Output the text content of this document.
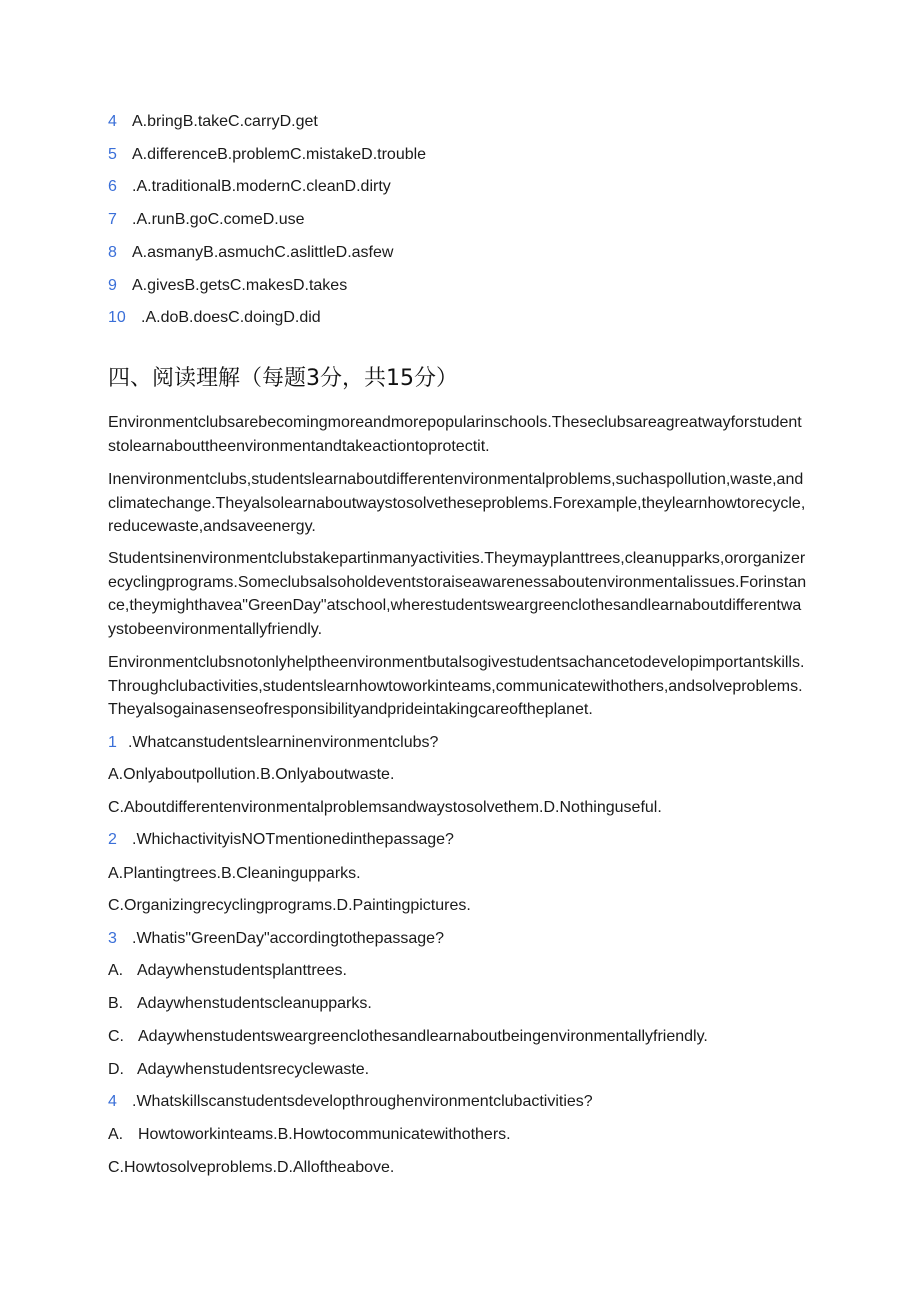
4 A.bringB.takeC.carryD.get
5 A.differenceB.problemC.mistakeD.trouble
6 .A.traditionalB.modernC.cleanD.dirty
7 .A.runB.goC.comeD.use
8 A.asmanyB.asmuchC.aslittleD.asfew
9 A.givesB.getsC.makesD.takes
10 .A.doB.doesC.doingD.did
四、阅读理解（每题3分，共15分）
Environmentclubsarebecomingmoreandmorepopularinschools.Theseclubsareagreatwayforstudentstolearnabouttheenvironmentandtakeactiontoprotectit.
Inenvironmentclubs,studentslearnaboutdifferentenvironmentalproblems,suchaspollution,waste,andclimatechange.Theyalsolearnaboutwaystosolvetheseproblems.Forexample,theylearnhowtorecycle,reducewaste,andsaveenergy.
Studentsinenvironmentclubstakepartinmanyactivities.Theymayplanttrees,cleanupparks,ororganizerecyclingprograms.Someclubsalsoholdeventstoraiseawarenessaboutenvironmentalissues.Forinstance,theymighthavea"GreenDay"atschool,wherestudentsweargreenclothesandlearnaboutdifferentwaystobeenvironmentallyfriendly.
Environmentclubsnotonlyhelptheenvironmentbutalsogivestudentsachancetodevelopimportantskills.Throughclubactivities,studentslearnhowtoworkinteams,communicatewithothers,andsolveproblems.Theyalsogainasenseofresponsibilityandprideintakingcareoftheplanet.
1 .Whatcanstudentslearninenvironmentclubs?
A.Onlyaboutpollution.B.Onlyaboutwaste.
C.Aboutdifferentenvironmentalproblemsandwaystosolvethem.D.Nothinguseful.
2 .WhichactivityisNOTmentionedinthepassage?
A.Plantingtrees.B.Cleaningupparks.
C.Organizingrecyclingprograms.D.Paintingpictures.
3 .Whatis"GreenDay"accordingtothepassage?
A. Adaywhenstudentsplanttrees.
B. Adaywhenstudentscleanupparks.
C. Adaywhenstudentsweargreenclothesandlearnaboutbeingenvironmentallyfriendly.
D. Adaywhenstudentsrecyclewaste.
4 .Whatskillscanstudentsdevelopthroughenvironmentclubactivities?
A. Howtoworkinteams.B.Howtocommunicatewithothers.
C.Howtosolveproblems.D.Alloftheabove.
